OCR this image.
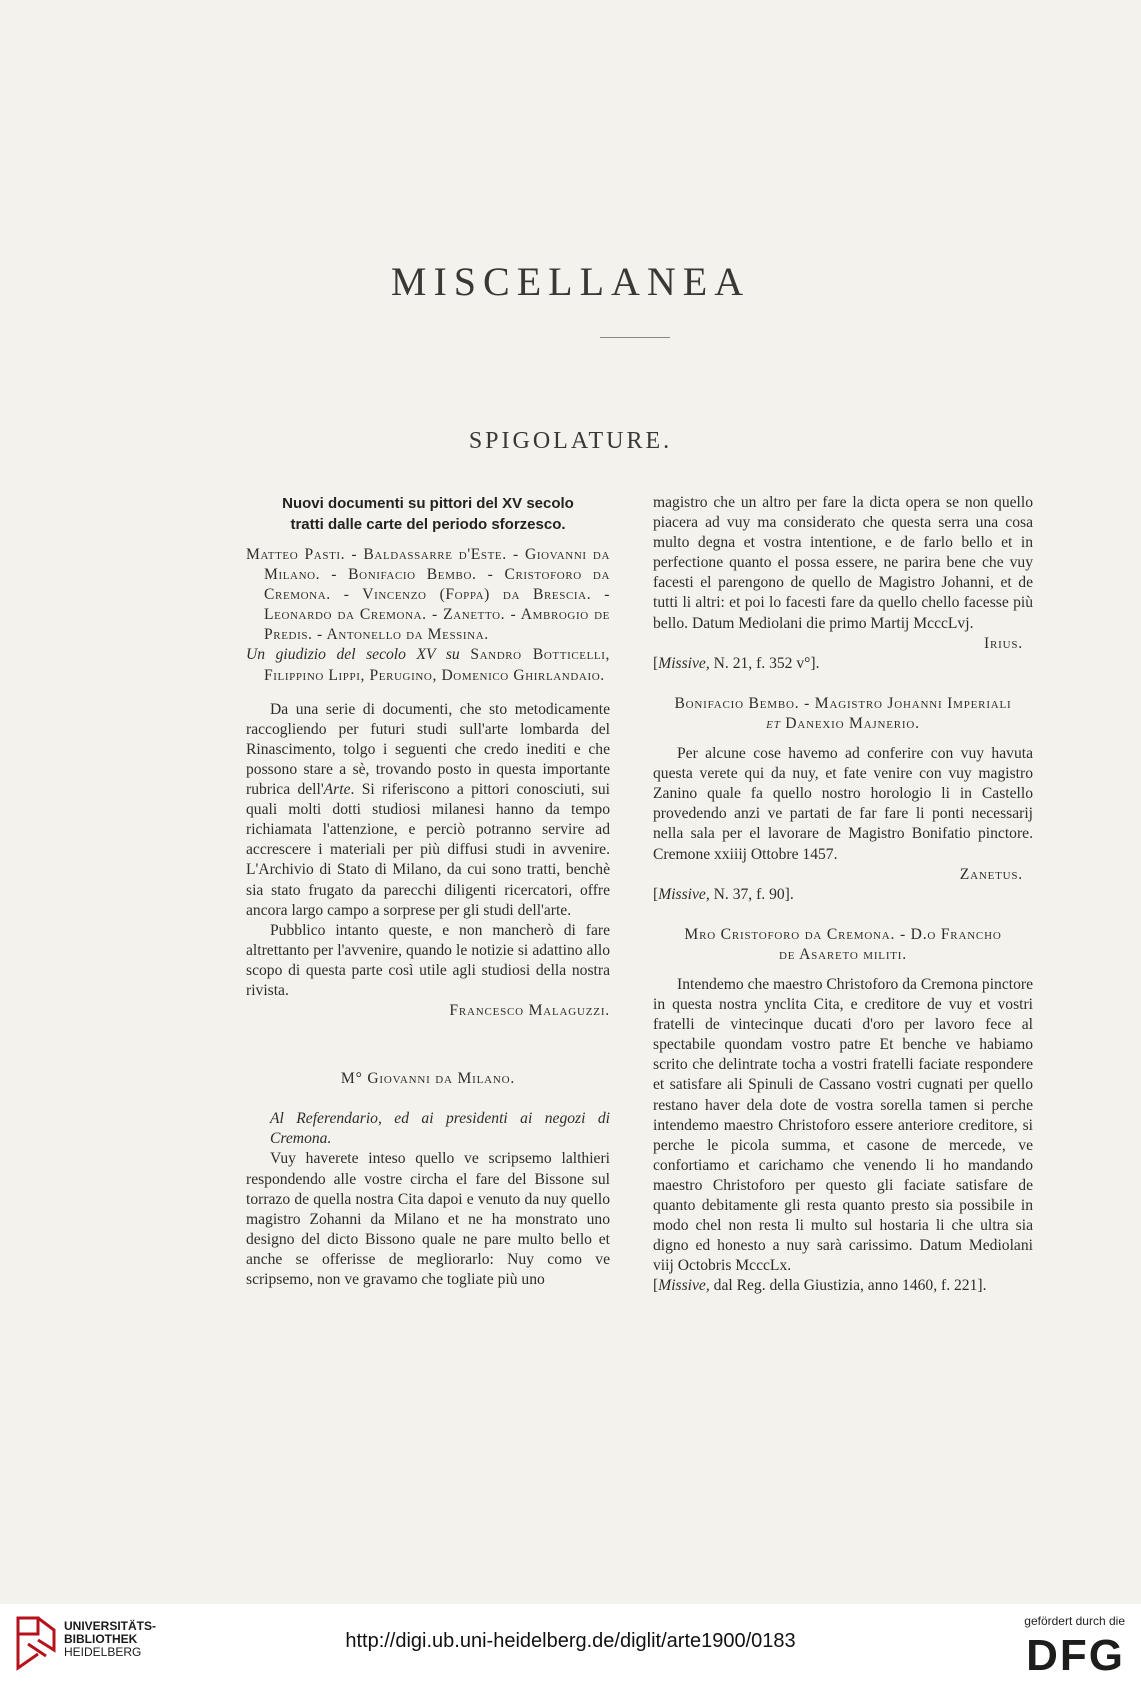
MISCELLANEA
SPIGOLATURE.
Nuovi documenti su pittori del XV secolo
tratti dalle carte del periodo sforzesco.

Matteo Pasti. - Baldassarre d'Este. - Giovanni da Milano. - Bonifacio Bembo. - Cristoforo da Cremona. - Vincenzo (Foppa) da Brescia. - Leonardo da Cremona. - Zanetto. - Ambrogio de Predis. - Antonello da Messina.

Un giudizio del secolo XV su Sandro Botticelli, Filippino Lippi, Perugino, Domenico Ghirlandaio.

Da una serie di documenti, che sto metodicamente raccogliendo per futuri studi sull'arte lombarda del Rinascimento, tolgo i seguenti che credo inediti e che possono stare a sè, trovando posto in questa importante rubrica dell'Arte. Si riferiscono a pittori conosciuti, sui quali molti dotti studiosi milanesi hanno da tempo richiamata l'attenzione, e perciò potranno servire ad accrescere i materiali per più diffusi studi in avvenire. L'Archivio di Stato di Milano, da cui sono tratti, benchè sia stato frugato da parecchi diligenti ricercatori, offre ancora largo campo a sorprese per gli studi dell'arte.

Pubblico intanto queste, e non mancherò di fare altrettanto per l'avvenire, quando le notizie si adattino allo scopo di questa parte così utile agli studiosi della nostra rivista.

Francesco Malaguzzi.

M° Giovanni da Milano.

Al Referendario, ed ai presidenti ai negozi di Cremona.

Vuy haverete inteso quello ve scripsemo lalthieri respondendo alle vostre circha el fare del Bissone sul torrazo de quella nostra Cita dapoi e venuto da nuy quello magistro Zohanni da Milano et ne ha monstrato uno designo del dicto Bissono quale ne pare multo bello et anche se offerisse de megliorarlo: Nuy como ve scripsemo, non ve gravamo che togliate più uno

magistro che un altro per fare la dicta opera se non quello piacera ad vuy ma considerato che questa serra una cosa multo degna et vostra intentione, e de farlo bello et in perfectione quanto el possa essere, ne parira bene che vuy facesti el parengono de quello de Magistro Johanni, et de tutti li altri: et poi lo facesti fare da quello chello facesse più bello. Datum Mediolani die primo Martij McccLvj.

Irius.

[Missive, N. 21, f. 352 v°].

Bonifacio Bembo. - Magistro Johanni Imperiali
et Danexio Majnerio.

Per alcune cose havemo ad conferire con vuy havuta questa verete qui da nuy, et fate venire con vuy magistro Zanino quale fa quello nostro horologio li in Castello provedendo anzi ve partati de far fare li ponti necessarij nella sala per el lavorare de Magistro Bonifatio pinctore. Cremone xxiiij Ottobre 1457.

Zanetus.

[Missive, N. 37, f. 90].

Mro Cristoforo da Cremona. - D.o Francho
de Asareto militi.

Intendemo che maestro Christoforo da Cremona pinctore in questa nostra ynclita Cita, e creditore de vuy et vostri fratelli de vintecinque ducati d'oro per lavoro fece al spectabile quondam vostro patre Et benche ve habiamo scrito che delintrate tocha a vostri fratelli faciate respondere et satisfare ali Spinuli de Cassano vostri cugnati per quello restano haver dela dote de vostra sorella tamen si perche intendemo maestro Christoforo essere anteriore creditore, si perche le picola summa, et casone de mercede, ve confortiamo et carichamo che venendo li ho mandando maestro Christoforo per questo gli faciate satisfare de quanto debitamente gli resta quanto presto sia possibile in modo chel non resta li multo sul hostaria li che ultra sia digno ed honesto a nuy sarà carissimo. Datum Mediolani viij Octobris McccLx.

[Missive, dal Reg. della Giustizia, anno 1460, f. 221].

UNIVERSITÄTS-
BIBLIOTHEK
HEIDELBERG	http://digi.ub.uni-heidelberg.de/diglit/arte1900/0183
gefördert durch die
DFG
